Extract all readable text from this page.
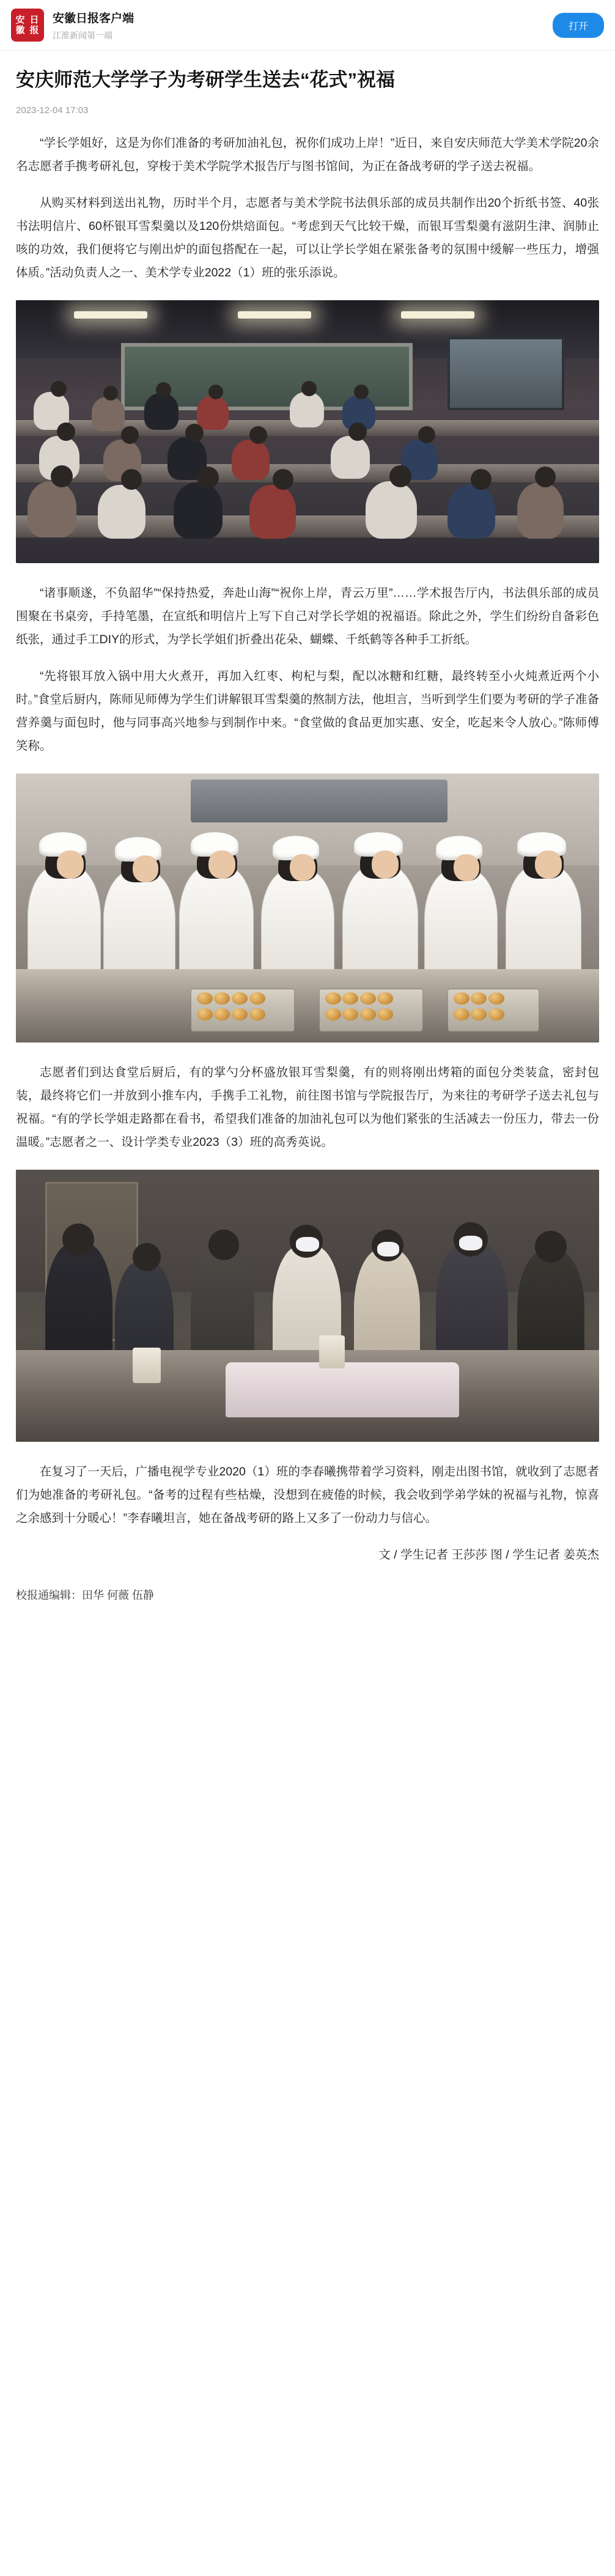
安徽
日报
安徽日报客户端
江淮新闻第一端
打开
安庆师范大学学子为考研学生送去“花式”祝福
2023-12-04 17:03

“学长学姐好，这是为你们准备的考研加油礼包，祝你们成功上岸！”近日，来自安庆师范大学美术学院20余名志愿者手携考研礼包，穿梭于美术学院学术报告厅与图书馆间，为正在备战考研的学子送去祝福。

从购买材料到送出礼物，历时半个月，志愿者与美术学院书法俱乐部的成员共制作出20个折纸书签、40张书法明信片、60杯银耳雪梨羹以及120份烘焙面包。“考虑到天气比较干燥，而银耳雪梨羹有滋阴生津、润肺止咳的功效，我们便将它与刚出炉的面包搭配在一起，可以让学长学姐在紧张备考的氛围中缓解一些压力，增强体质。”活动负责人之一、美术学专业2022（1）班的张乐添说。

“诸事顺遂，不负韶华”“保持热爱，奔赴山海”“祝你上岸，青云万里”……学术报告厅内，书法俱乐部的成员围聚在书桌旁，手持笔墨，在宣纸和明信片上写下自己对学长学姐的祝福语。除此之外，学生们纷纷自备彩色纸张，通过手工DIY的形式，为学长学姐们折叠出花朵、蝴蝶、千纸鹤等各种手工折纸。

“先将银耳放入锅中用大火煮开，再加入红枣、枸杞与梨，配以冰糖和红糖，最终转至小火炖煮近两个小时。”食堂后厨内，陈师见师傅为学生们讲解银耳雪梨羹的熬制方法，他坦言，当听到学生们要为考研的学子准备营养羹与面包时，他与同事高兴地参与到制作中来。“食堂做的食品更加实惠、安全，吃起来令人放心。”陈师傅笑称。

志愿者们到达食堂后厨后，有的掌勺分杯盛放银耳雪梨羹，有的则将刚出烤箱的面包分类装盒，密封包装，最终将它们一并放到小推车内，手携手工礼物，前往图书馆与学院报告厅，为来往的考研学子送去礼包与祝福。“有的学长学姐走路都在看书，希望我们准备的加油礼包可以为他们紧张的生活减去一份压力，带去一份温暖。”志愿者之一、设计学类专业2023（3）班的高秀英说。

在复习了一天后，广播电视学专业2020（1）班的李春曦携带着学习资料，刚走出图书馆，就收到了志愿者们为她准备的考研礼包。“备考的过程有些枯燥，没想到在疲倦的时候，我会收到学弟学妹的祝福与礼物，惊喜之余感到十分暖心！”李春曦坦言，她在备战考研的路上又多了一份动力与信心。

文 / 学生记者 王莎莎 图 / 学生记者 姜英杰

校报通编辑：田华 何薇 伍静
